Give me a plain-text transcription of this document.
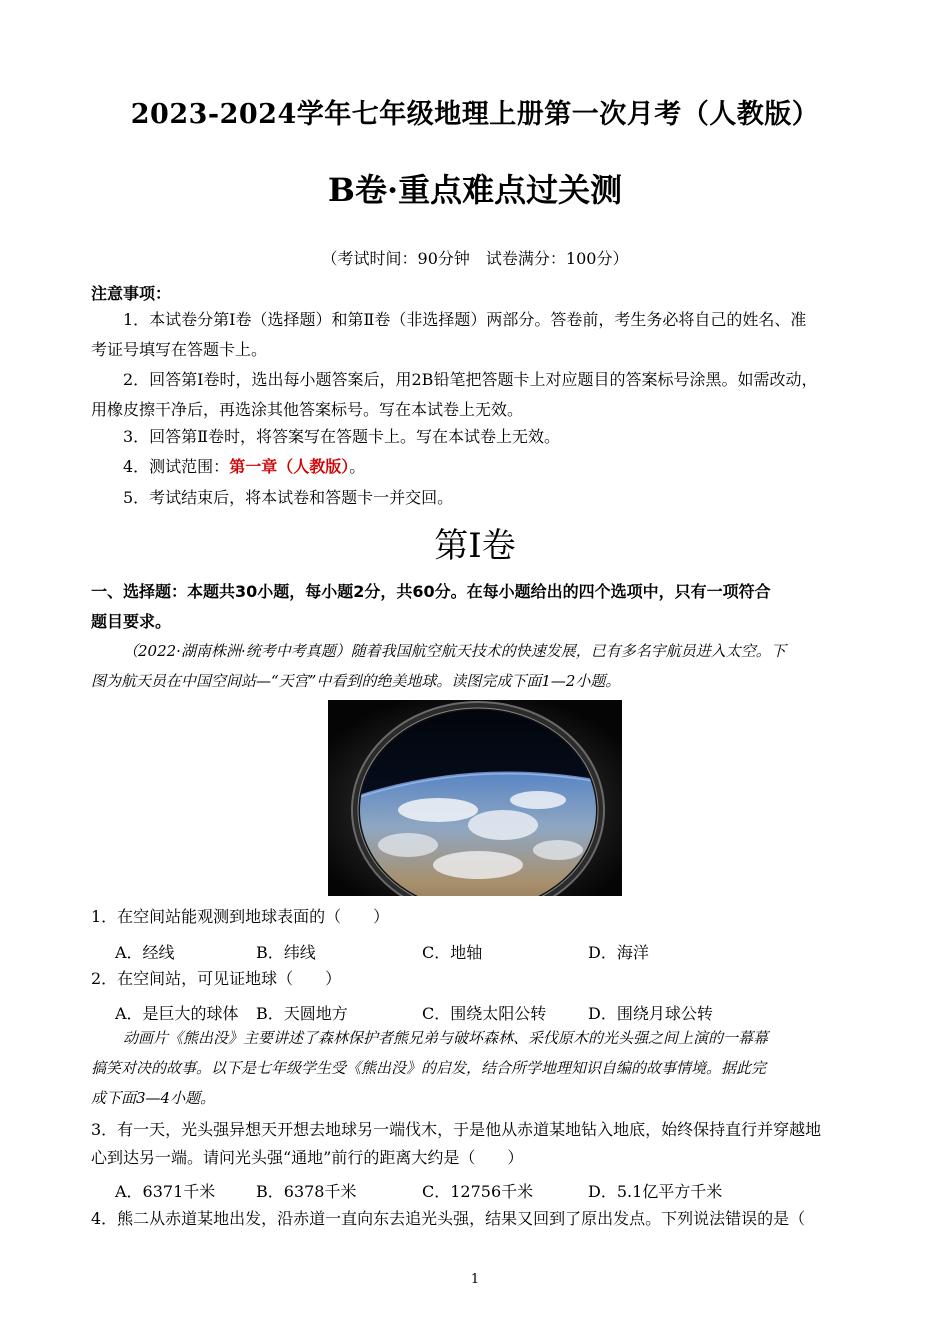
2023-2024学年七年级地理上册第一次月考（人教版）
B卷·重点难点过关测
（考试时间：90分钟　试卷满分：100分）
注意事项：
1．本试卷分第Ⅰ卷（选择题）和第Ⅱ卷（非选择题）两部分。答卷前，考生务必将自己的姓名、准
考证号填写在答题卡上。
2．回答第Ⅰ卷时，选出每小题答案后，用2B铅笔把答题卡上对应题目的答案标号涂黑。如需改动，
用橡皮擦干净后，再选涂其他答案标号。写在本试卷上无效。
3．回答第Ⅱ卷时，将答案写在答题卡上。写在本试卷上无效。
4．测试范围：第一章（人教版）。
5．考试结束后，将本试卷和答题卡一并交回。
第Ⅰ卷
一、选择题：本题共30小题，每小题2分，共60分。在每小题给出的四个选项中，只有一项符合
题目要求。
（2022·湖南株洲·统考中考真题）随着我国航空航天技术的快速发展，已有多名宇航员进入太空。下
图为航天员在中国空间站—“天宫”中看到的绝美地球。读图完成下面1—2小题。
1．在空间站能观测到地球表面的（　　）
A．经线	B．纬线	C．地轴	D．海洋
2．在空间站，可见证地球（　　）
A．是巨大的球体 B．天圆地方	C．围绕太阳公转	D．围绕月球公转
动画片《熊出没》主要讲述了森林保护者熊兄弟与破坏森林、采伐原木的光头强之间上演的一幕幕
搞笑对决的故事。以下是七年级学生受《熊出没》的启发，结合所学地理知识自编的故事情境。据此完
成下面3—4小题。
3．有一天，光头强异想天开想去地球另一端伐木，于是他从赤道某地钻入地底，始终保持直行并穿越地
心到达另一端。请问光头强“通地”前行的距离大约是（　　）
A．6371千米	B．6378千米	C．12756千米	D．5.1亿平方千米
4．熊二从赤道某地出发，沿赤道一直向东去追光头强，结果又回到了原出发点。下列说法错误的是（
1
